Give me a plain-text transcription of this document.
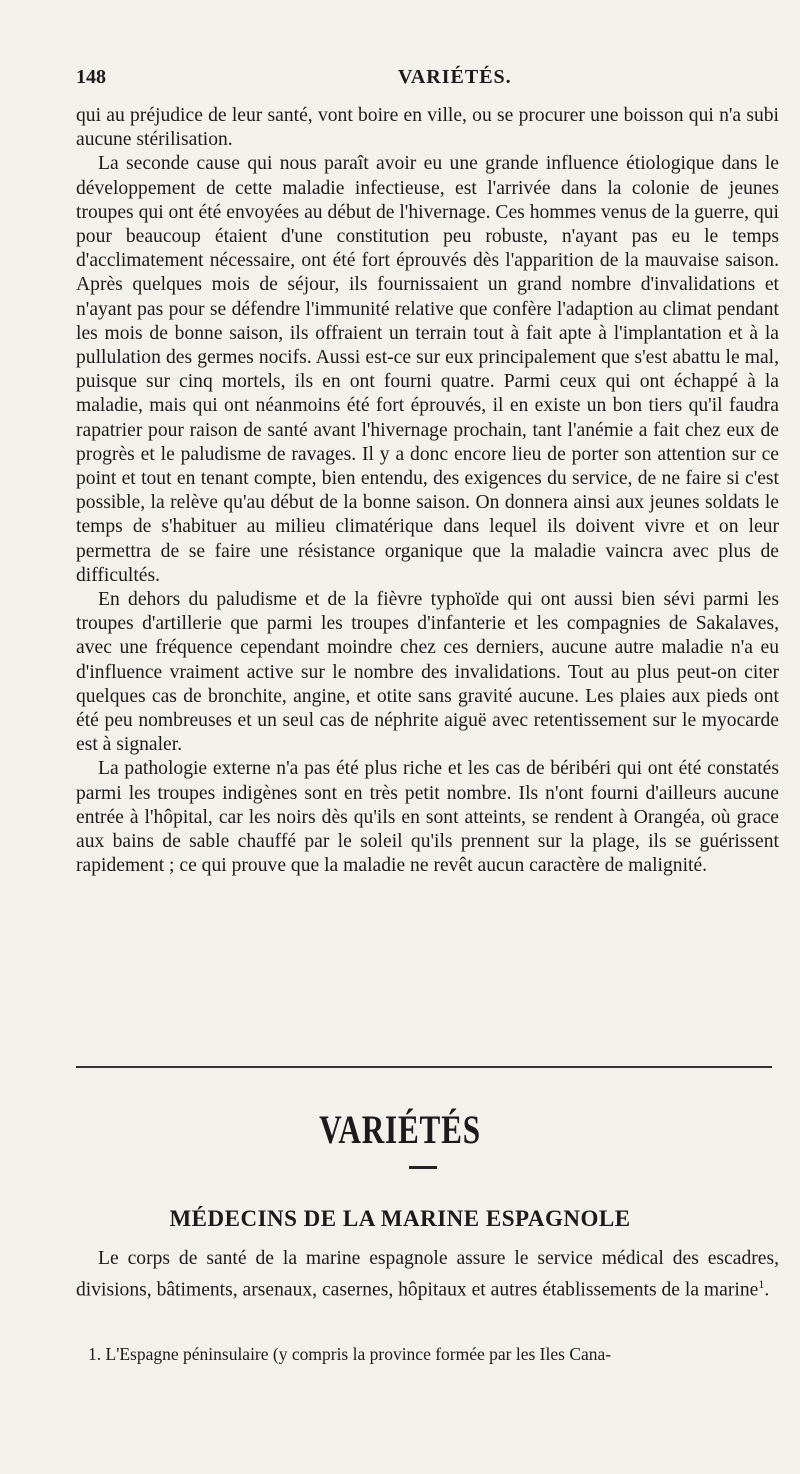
148	VARIÉTÉS.

qui au préjudice de leur santé, vont boire en ville, ou se procurer une boisson qui n'a subi aucune stérilisation.

La seconde cause qui nous paraît avoir eu une grande influence étiologique dans le développement de cette maladie infectieuse, est l'arrivée dans la colonie de jeunes troupes qui ont été envoyées au début de l'hivernage. Ces hommes venus de la guerre, qui pour beaucoup étaient d'une constitution peu robuste, n'ayant pas eu le temps d'acclimatement nécessaire, ont été fort éprouvés dès l'apparition de la mauvaise saison. Après quelques mois de séjour, ils fournissaient un grand nombre d'invalidations et n'ayant pas pour se défendre l'immunité relative que confère l'adaption au climat pendant les mois de bonne saison, ils offraient un terrain tout à fait apte à l'implantation et à la pullulation des germes nocifs. Aussi est-ce sur eux principalement que s'est abattu le mal, puisque sur cinq mortels, ils en ont fourni quatre. Parmi ceux qui ont échappé à la maladie, mais qui ont néanmoins été fort éprouvés, il en existe un bon tiers qu'il faudra rapatrier pour raison de santé avant l'hivernage prochain, tant l'anémie a fait chez eux de progrès et le paludisme de ravages. Il y a donc encore lieu de porter son attention sur ce point et tout en tenant compte, bien entendu, des exigences du service, de ne faire si c'est possible, la relève qu'au début de la bonne saison. On donnera ainsi aux jeunes soldats le temps de s'habituer au milieu climatérique dans lequel ils doivent vivre et on leur permettra de se faire une résistance organique que la maladie vaincra avec plus de difficultés.

En dehors du paludisme et de la fièvre typhoïde qui ont aussi bien sévi parmi les troupes d'artillerie que parmi les troupes d'infanterie et les compagnies de Sakalaves, avec une fréquence cependant moindre chez ces derniers, aucune autre maladie n'a eu d'influence vraiment active sur le nombre des invalidations. Tout au plus peut-on citer quelques cas de bronchite, angine, et otite sans gravité aucune. Les plaies aux pieds ont été peu nombreuses et un seul cas de néphrite aiguë avec retentissement sur le myocarde est à signaler.

La pathologie externe n'a pas été plus riche et les cas de béribéri qui ont été constatés parmi les troupes indigènes sont en très petit nombre. Ils n'ont fourni d'ailleurs aucune entrée à l'hôpital, car les noirs dès qu'ils en sont atteints, se rendent à Orangéa, où grace aux bains de sable chauffé par le soleil qu'ils prennent sur la plage, ils se guérissent rapidement ; ce qui prouve que la maladie ne revêt aucun caractère de malignité.

VARIÉTÉS
MÉDECINS DE LA MARINE ESPAGNOLE

Le corps de santé de la marine espagnole assure le service médical des escadres, divisions, bâtiments, arsenaux, casernes, hôpitaux et autres établissements de la marine$^1$.

1. L'Espagne péninsulaire (y compris la province formée par les Iles Cana-
